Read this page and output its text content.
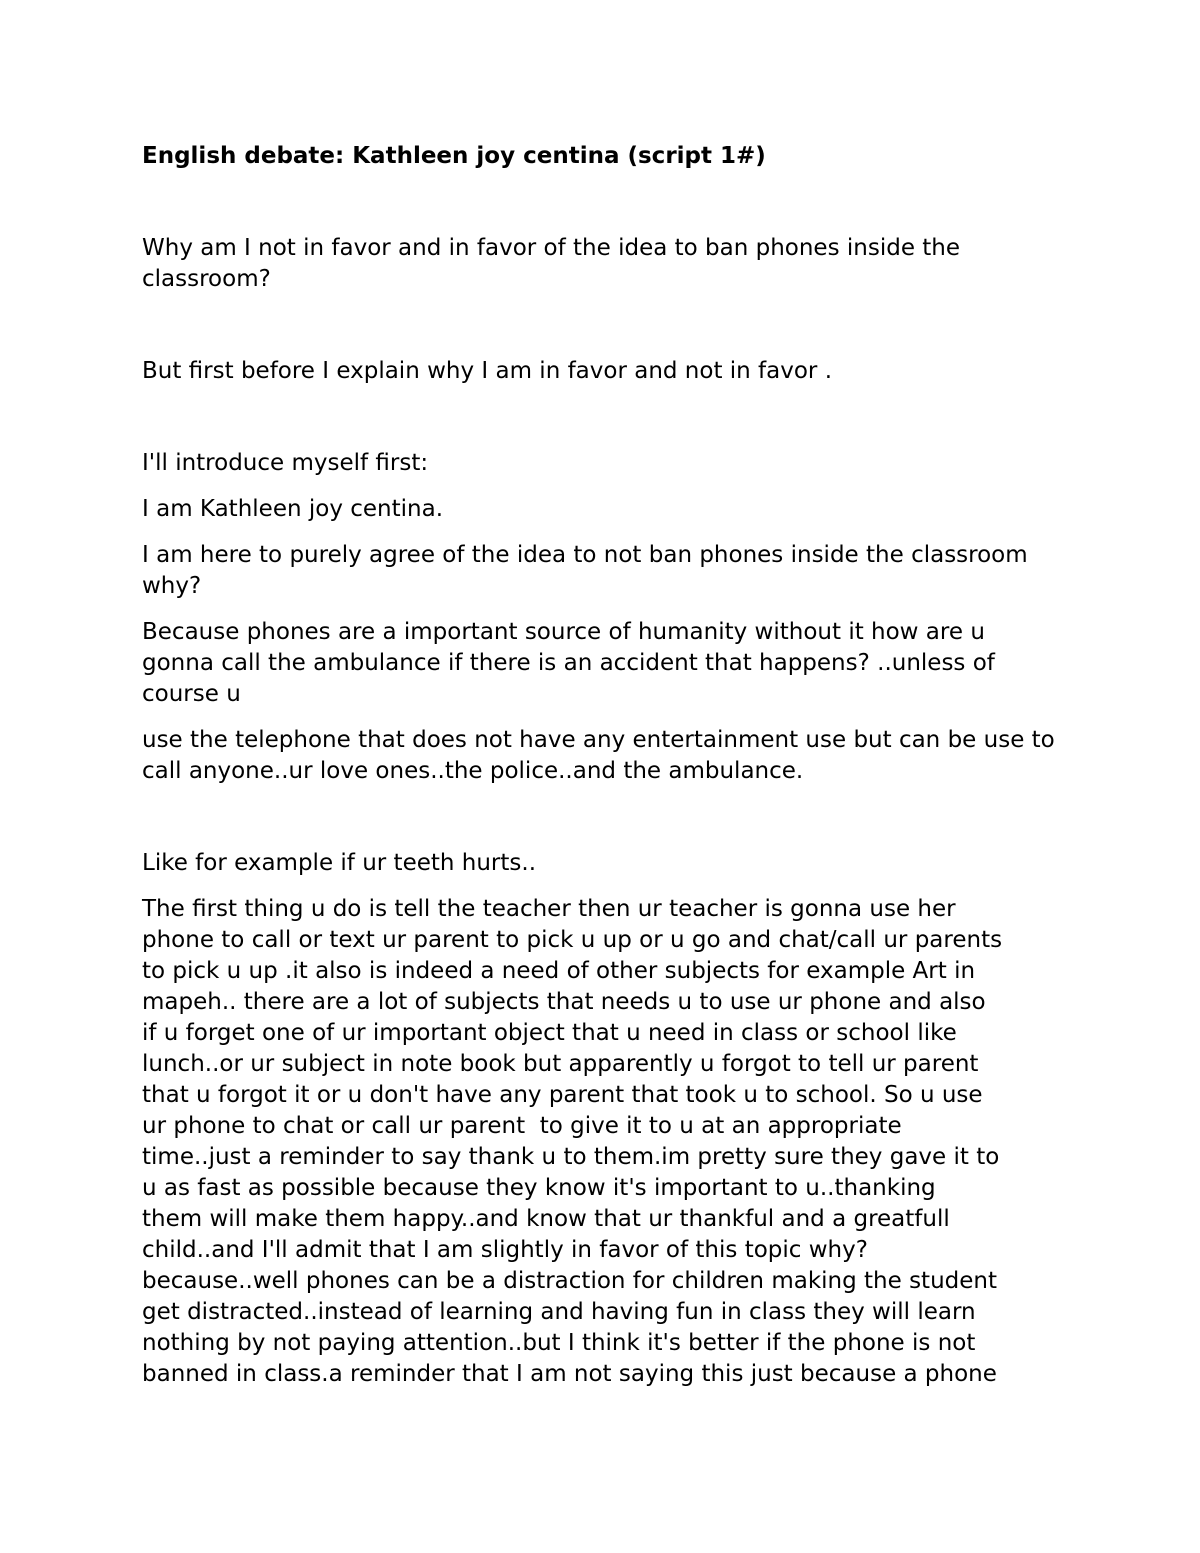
English debate: Kathleen joy centina (script 1#)

Why am I not in favor and in favor of the idea to ban phones inside the classroom?

But first before I explain why I am in favor and not in favor .

I'll introduce myself first:

I am Kathleen joy centina.

I am here to purely agree of the idea to not ban phones inside the classroom why?

Because phones are a important source of humanity without it how are u gonna call the ambulance if there is an accident that happens? ..unless of course u

use the telephone that does not have any entertainment use but can be use to call anyone..ur love ones..the police..and the ambulance.

Like for example if ur teeth hurts..

The first thing u do is tell the teacher then ur teacher is gonna use her
phone to call or text ur parent to pick u up or u go and chat/call ur parents
to pick u up .it also is indeed a need of other subjects for example Art in
mapeh.. there are a lot of subjects that needs u to use ur phone and also
if u forget one of ur important object that u need in class or school like
lunch..or ur subject in note book but apparently u forgot to tell ur parent
that u forgot it or u don't have any parent that took u to school. So u use
ur phone to chat or call ur parent  to give it to u at an appropriate
time..just a reminder to say thank u to them.im pretty sure they gave it to
u as fast as possible because they know it's important to u..thanking
them will make them happy..and know that ur thankful and a greatfull
child..and I'll admit that I am slightly in favor of this topic why?
because..well phones can be a distraction for children making the student
get distracted..instead of learning and having fun in class they will learn
nothing by not paying attention..but I think it's better if the phone is not
banned in class.a reminder that I am not saying this just because a phone
